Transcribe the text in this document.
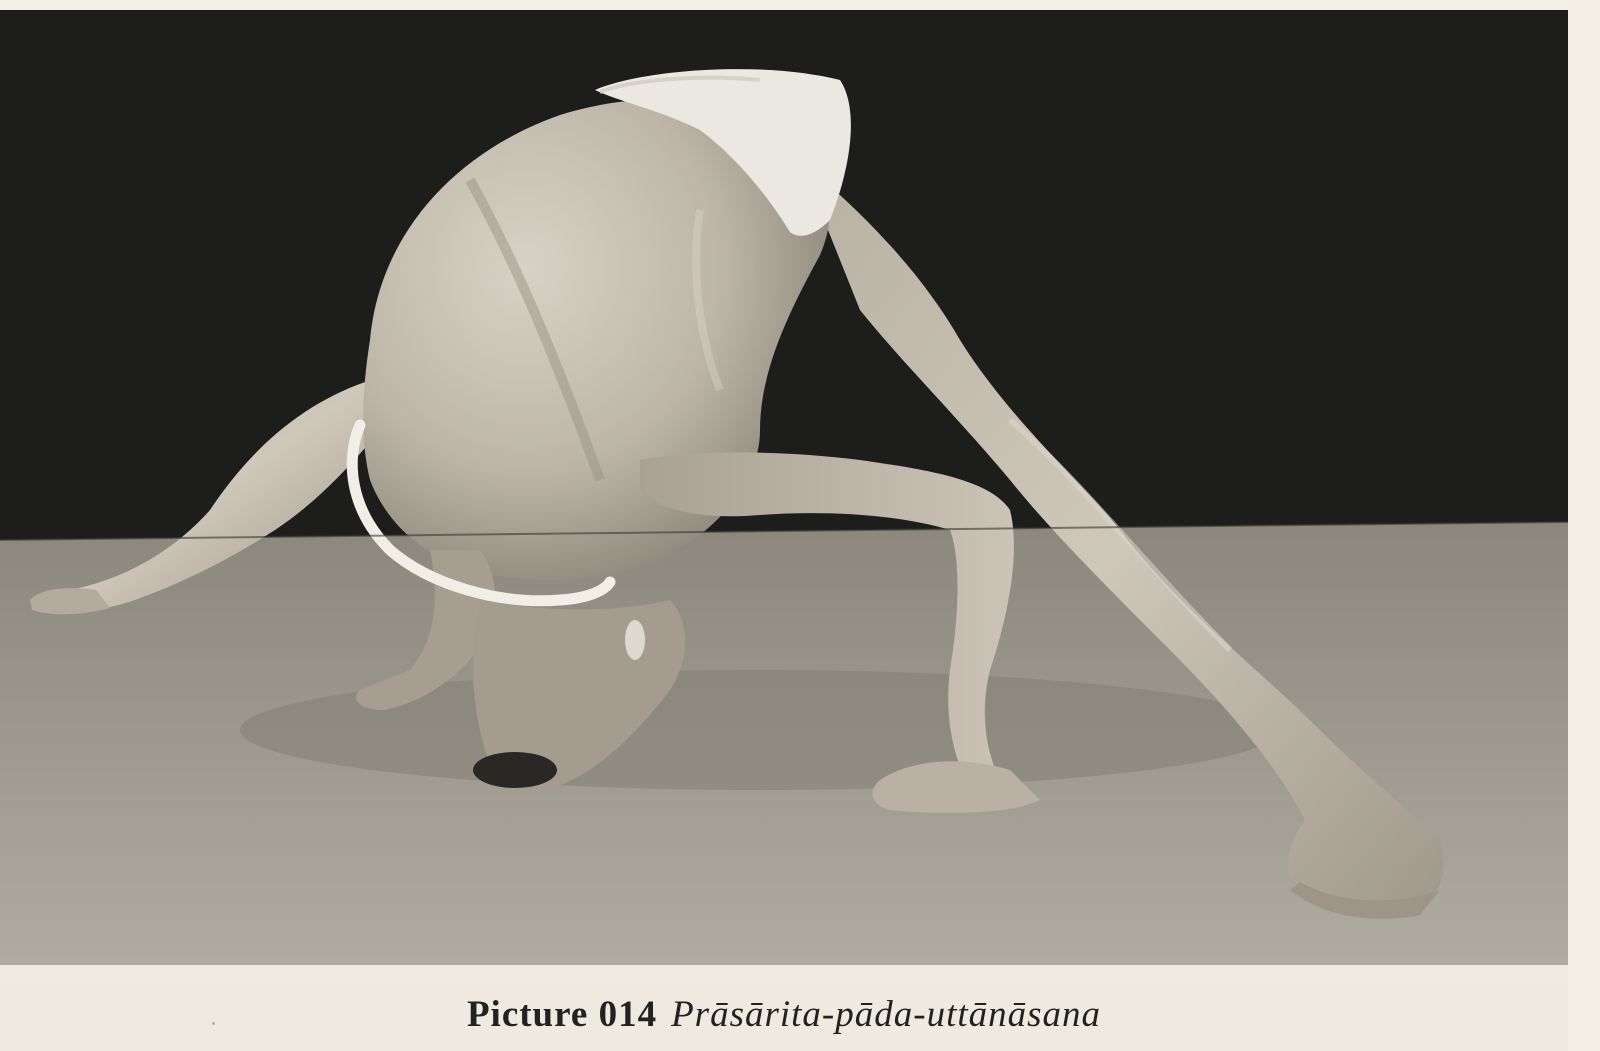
Picture 014 Prāsārita-pāda-uttānāsana
